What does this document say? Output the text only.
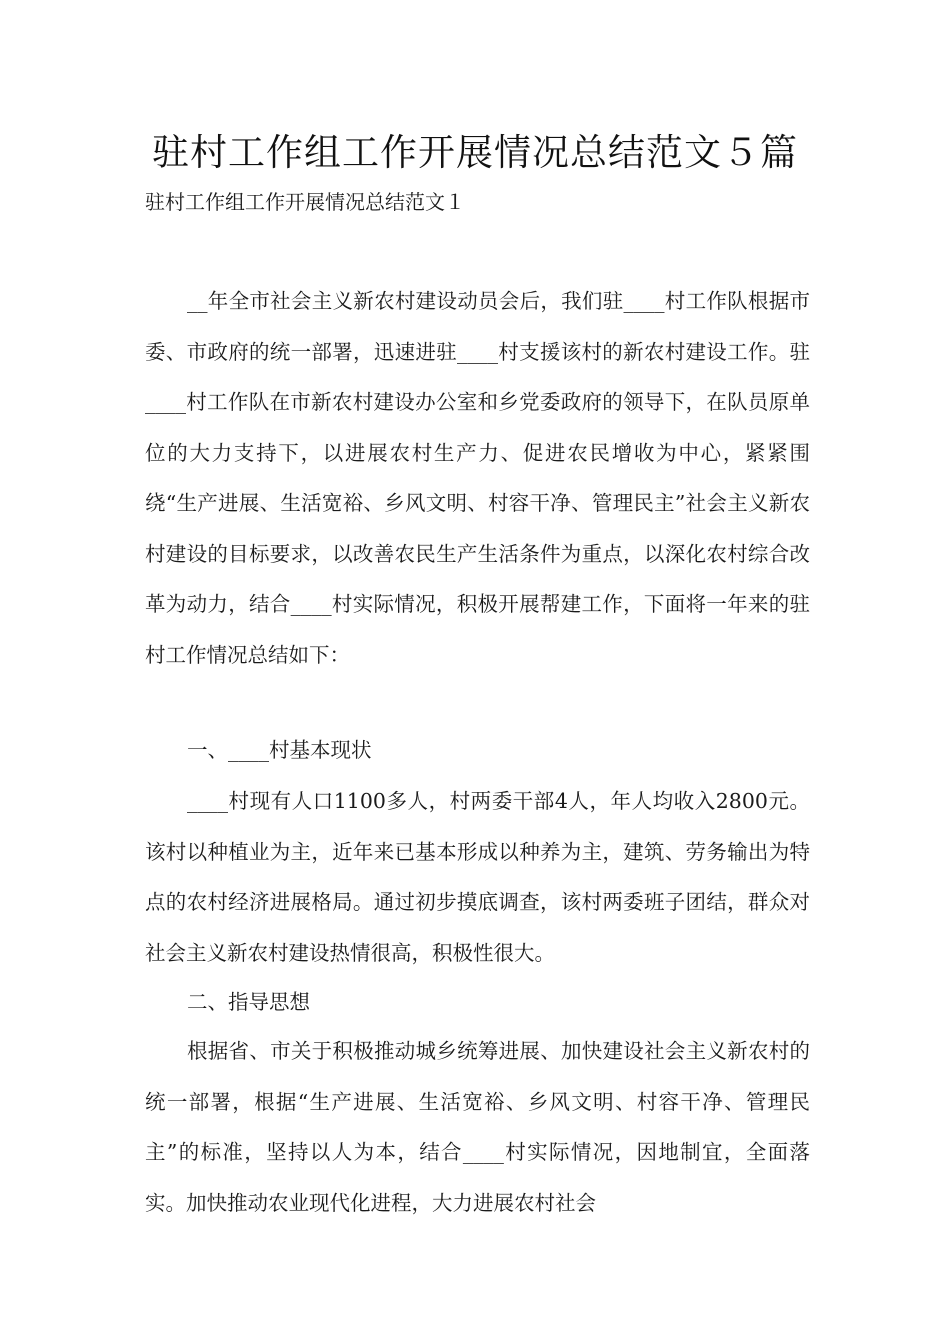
驻村工作组工作开展情况总结范文５篇

驻村工作组工作开展情况总结范文１

__年全市社会主义新农村建设动员会后，我们驻____村工作队根据市委、市政府的统一部署，迅速进驻____村支援该村的新农村建设工作。驻____村工作队在市新农村建设办公室和乡党委政府的领导下，在队员原单位的大力支持下，以进展农村生产力、促进农民增收为中心，紧紧围绕“生产进展、生活宽裕、乡风文明、村容干净、管理民主”社会主义新农村建设的目标要求，以改善农民生产生活条件为重点，以深化农村综合改革为动力，结合____村实际情况，积极开展帮建工作，下面将一年来的驻村工作情况总结如下：

一、____村基本现状

____村现有人口1100多人，村两委干部4人，年人均收入2800元。该村以种植业为主，近年来已基本形成以种养为主，建筑、劳务输出为特点的农村经济进展格局。通过初步摸底调查，该村两委班子团结，群众对社会主义新农村建设热情很高，积极性很大。

二、指导思想

根据省、市关于积极推动城乡统筹进展、加快建设社会主义新农村的统一部署，根据“生产进展、生活宽裕、乡风文明、村容干净、管理民主”的标准，坚持以人为本，结合____村实际情况，因地制宜，全面落实。加快推动农业现代化进程，大力进展农村社会
